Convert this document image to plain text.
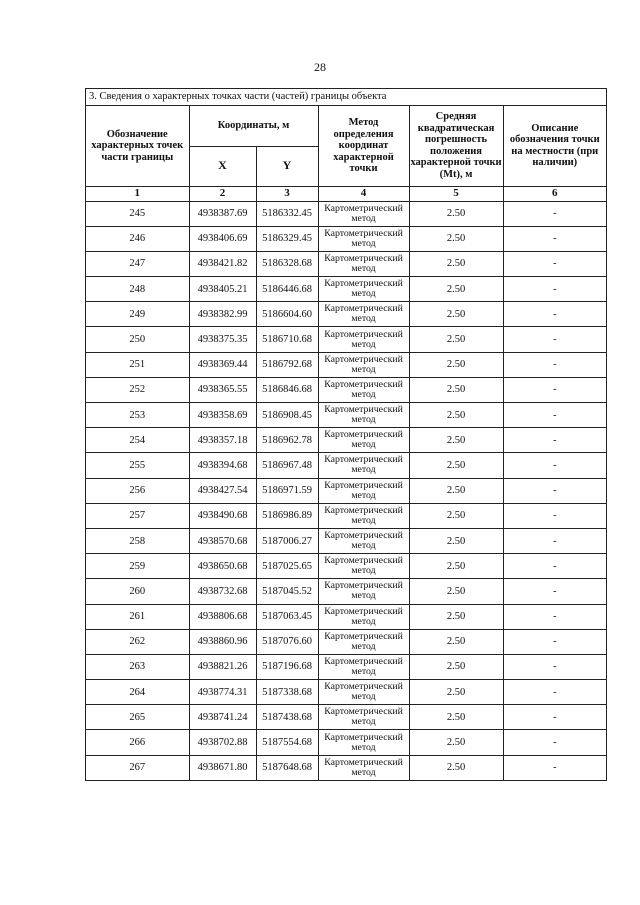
28
3. Сведения о характерных точках части (частей) границы объекта
Обозначение характерных точек части границы	Координаты, м		Метод определения координат характерной точки	Средняя квадратическая погрешность положения характерной точки (Mt), м	Описание обозначения точки на местности (при наличии)
	X	Y			
1	2	3	4	5	6
245	4938387.69	5186332.45	Картометрический метод	2.50	-
246	4938406.69	5186329.45	Картометрический метод	2.50	-
247	4938421.82	5186328.68	Картометрический метод	2.50	-
248	4938405.21	5186446.68	Картометрический метод	2.50	-
249	4938382.99	5186604.60	Картометрический метод	2.50	-
250	4938375.35	5186710.68	Картометрический метод	2.50	-
251	4938369.44	5186792.68	Картометрический метод	2.50	-
252	4938365.55	5186846.68	Картометрический метод	2.50	-
253	4938358.69	5186908.45	Картометрический метод	2.50	-
254	4938357.18	5186962.78	Картометрический метод	2.50	-
255	4938394.68	5186967.48	Картометрический метод	2.50	-
256	4938427.54	5186971.59	Картометрический метод	2.50	-
257	4938490.68	5186986.89	Картометрический метод	2.50	-
258	4938570.68	5187006.27	Картометрический метод	2.50	-
259	4938650.68	5187025.65	Картометрический метод	2.50	-
260	4938732.68	5187045.52	Картометрический метод	2.50	-
261	4938806.68	5187063.45	Картометрический метод	2.50	-
262	4938860.96	5187076.60	Картометрический метод	2.50	-
263	4938821.26	5187196.68	Картометрический метод	2.50	-
264	4938774.31	5187338.68	Картометрический метод	2.50	-
265	4938741.24	5187438.68	Картометрический метод	2.50	-
266	4938702.88	5187554.68	Картометрический метод	2.50	-
267	4938671.80	5187648.68	Картометрический метод	2.50	-
